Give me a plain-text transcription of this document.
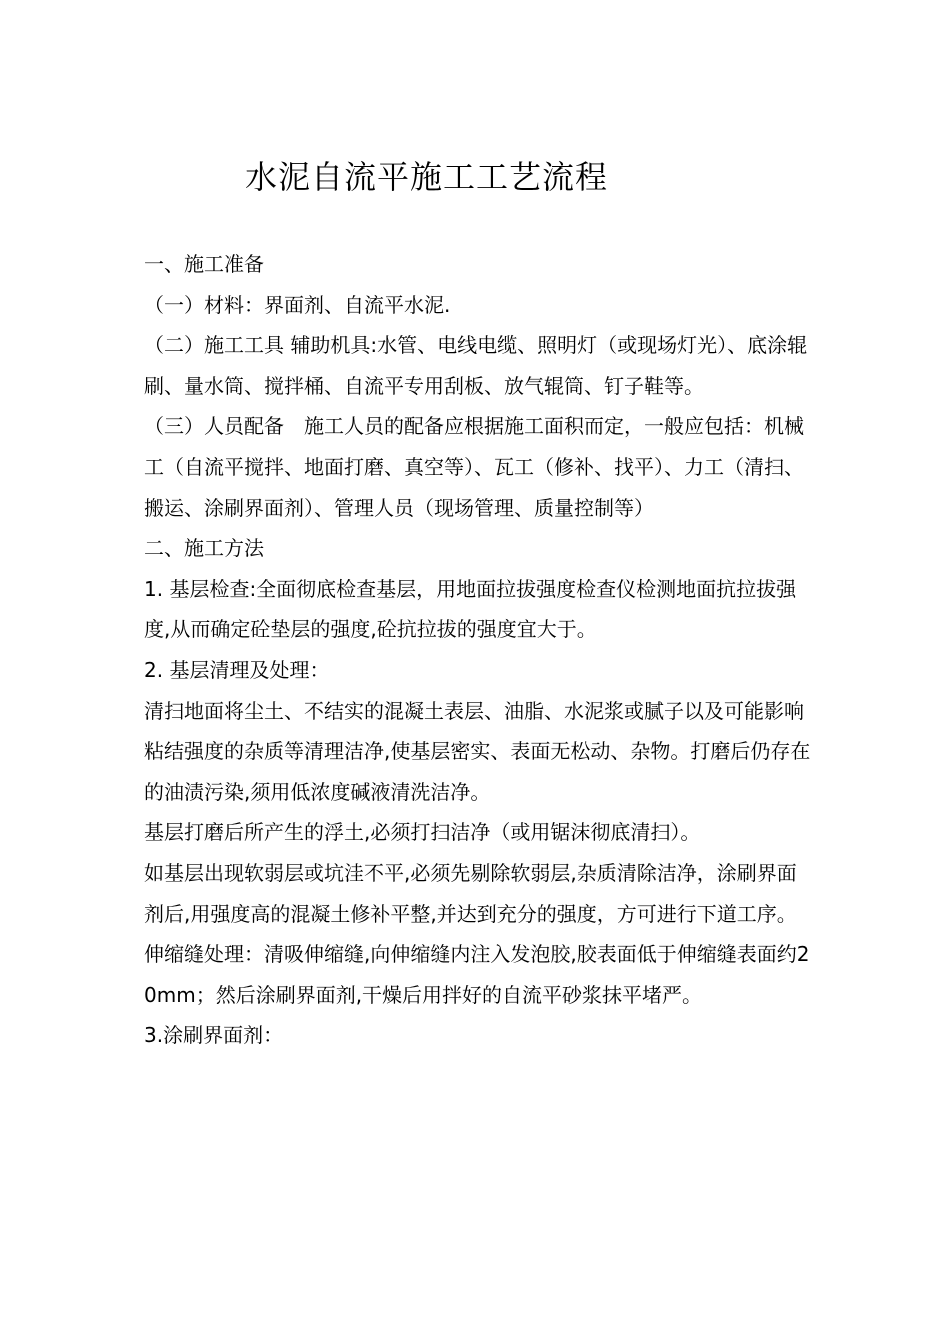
水泥自流平施工工艺流程

一、施工准备

（一）材料：界面剂、自流平水泥.

（二）施工工具 辅助机具:水管、电线电缆、照明灯（或现场灯光）、底涂辊刷、量水筒、搅拌桶、自流平专用刮板、放气辊筒、钉子鞋等。

（三）人员配备　施工人员的配备应根据施工面积而定，一般应包括：机械工（自流平搅拌、地面打磨、真空等）、瓦工（修补、找平）、力工（清扫、搬运、涂刷界面剂）、管理人员（现场管理、质量控制等）

二、施工方法

1. 基层检查:全面彻底检查基层，用地面拉拔强度检查仪检测地面抗拉拔强度,从而确定砼垫层的强度,砼抗拉拔的强度宜大于。

2. 基层清理及处理：

清扫地面将尘土、不结实的混凝土表层、油脂、水泥浆或腻子以及可能影响粘结强度的杂质等清理洁净,使基层密实、表面无松动、杂物。打磨后仍存在的油渍污染,须用低浓度碱液清洗洁净。

基层打磨后所产生的浮土,必须打扫洁净（或用锯沫彻底清扫）。

如基层出现软弱层或坑洼不平,必须先剔除软弱层,杂质清除洁净，涂刷界面剂后,用强度高的混凝土修补平整,并达到充分的强度，方可进行下道工序。

伸缩缝处理：清吸伸缩缝,向伸缩缝内注入发泡胶,胶表面低于伸缩缝表面约20mm；然后涂刷界面剂,干燥后用拌好的自流平砂浆抹平堵严。

3.涂刷界面剂：
